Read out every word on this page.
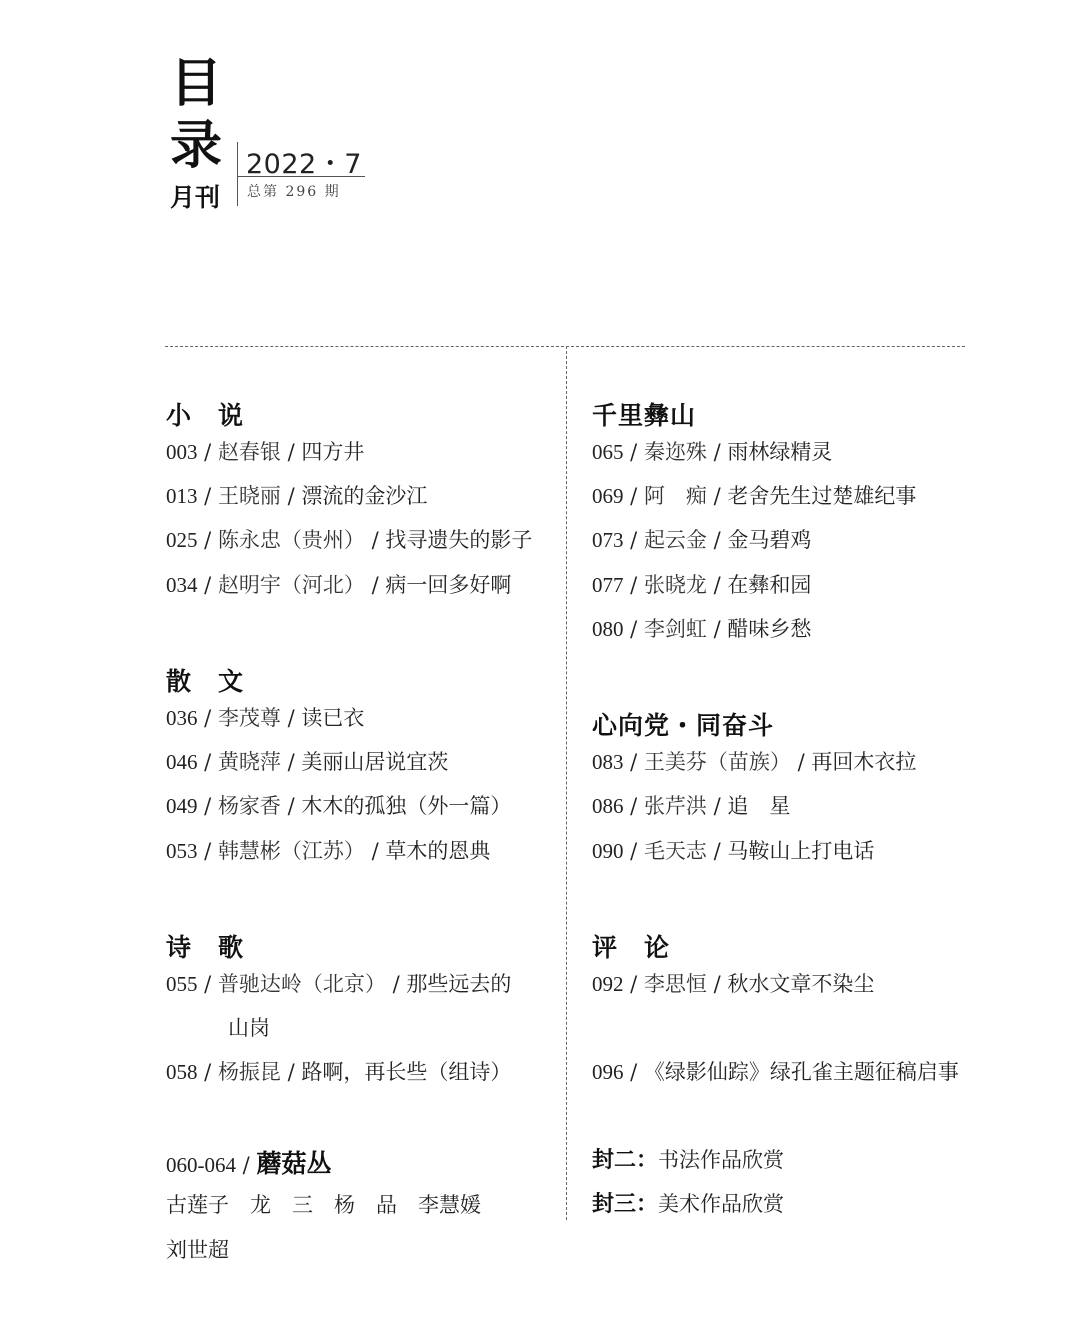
目
录
月刊
2022・7
总第 296 期
小　说
003 / 赵春银 / 四方井
013 / 王晓丽 / 漂流的金沙江
025 / 陈永忠（贵州） / 找寻遗失的影子
034 / 赵明宇（河北） / 病一回多好啊
散　文
036 / 李茂尊 / 读已衣
046 / 黄晓萍 / 美丽山居说宜茨
049 / 杨家香 / 木木的孤独（外一篇）
053 / 韩慧彬（江苏） / 草木的恩典
诗　歌
055 / 普驰达岭（北京） / 那些远去的
山岗
058 / 杨振昆 / 路啊，再长些（组诗）
060-064 / 蘑菇丛
古莲子　龙　三　杨　品　李慧媛
刘世超
千里彝山
065 / 秦迩殊 / 雨林绿精灵
069 / 阿　痴 / 老舍先生过楚雄纪事
073 / 起云金 / 金马碧鸡
077 / 张晓龙 / 在彝和园
080 / 李剑虹 / 醋味乡愁
心向党・同奋斗
083 / 王美芬（苗族） / 再回木衣拉
086 / 张芹洪 / 追　星
090 / 毛天志 / 马鞍山上打电话
评　论
092 / 李思恒 / 秋水文章不染尘
096 / 《绿影仙踪》绿孔雀主题征稿启事
封二：书法作品欣赏
封三：美术作品欣赏
